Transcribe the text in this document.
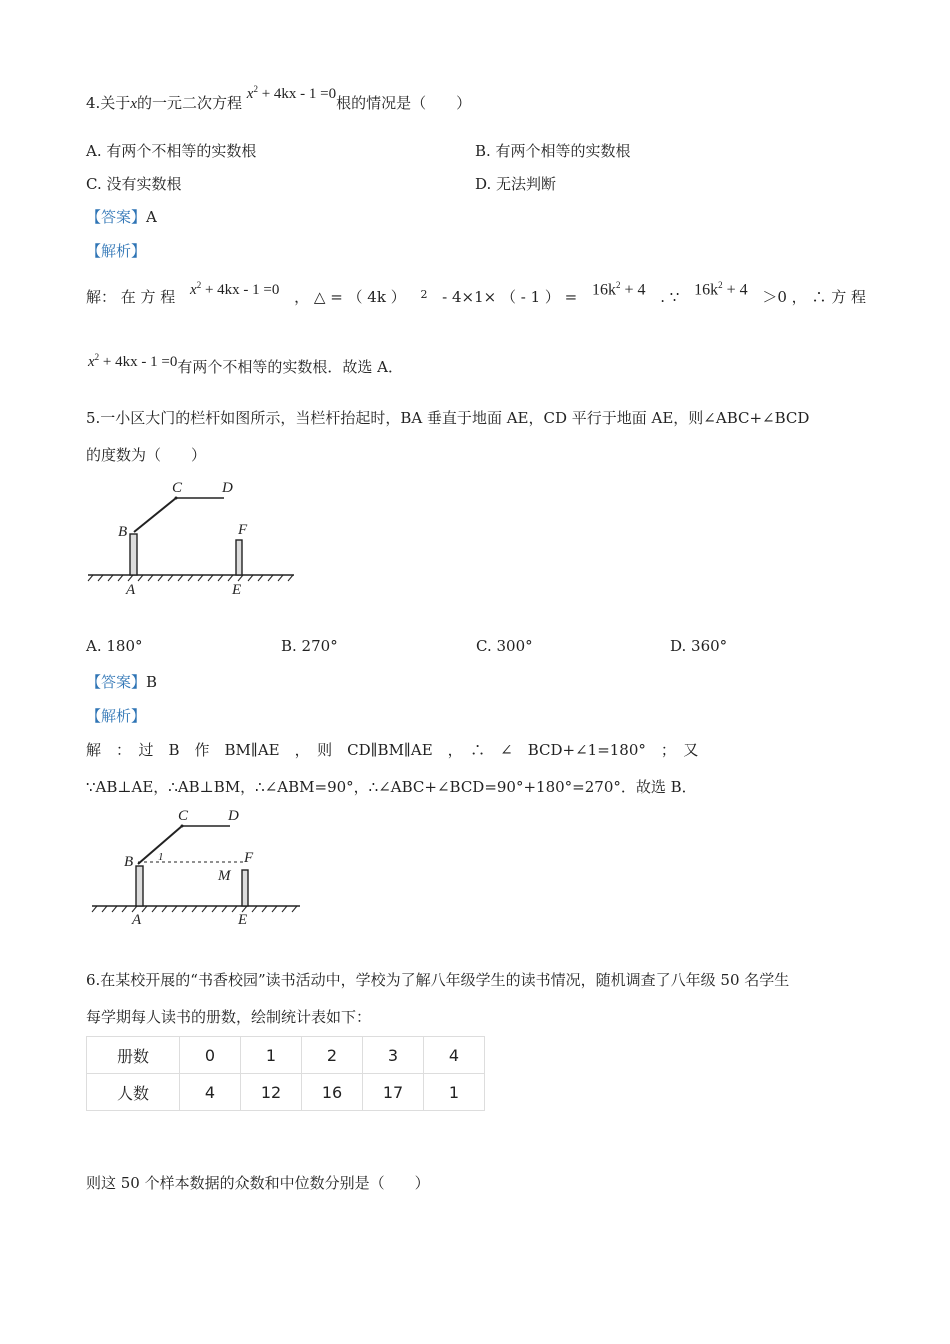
4.关于x的一元二次方程 $x^2 + 4kx - 1 =0$根的情况是（　　）
A. 有两个不相等的实数根	B. 有两个相等的实数根
C. 没有实数根	D. 无法判断
【答案】A
【解析】
解： 在 方 程 $x^2 + 4kx - 1 =0$ ， △ = （ 4k ） 2 - 4×1× （ - 1 ） = $16k^2 + 4$ . ∵ $16k^2 + 4 >0$ ， ∴ 方 程
$x^2 + 4kx - 1 =0$有两个不相等的实数根．故选 A．
5.一小区大门的栏杆如图所示，当栏杆抬起时，BA 垂直于地面 AE，CD 平行于地面 AE，则∠ABC+∠BCD
的度数为（　　）
C	D
B	F
A	E
A. 180°	B. 270°	C. 300°	D. 360°
【答案】B
【解析】
解　：　过　B　作　BM∥AE　，　则　CD∥BM∥AE　，　∴　∠　BCD+∠1=180°　；　又
∵AB⊥AE，∴AB⊥BM，∴∠ABM=90°，∴∠ABC+∠BCD=90°+180°=270°．故选 B．
C	D
B 1	F
M
A	E
6.在某校开展的“书香校园”读书活动中，学校为了解八年级学生的读书情况，随机调查了八年级 50 名学生
每学期每人读书的册数，绘制统计表如下：
册数	0	1	2	3	4
人数	4	12	16	17	1
则这 50 个样本数据的众数和中位数分别是（　　）
